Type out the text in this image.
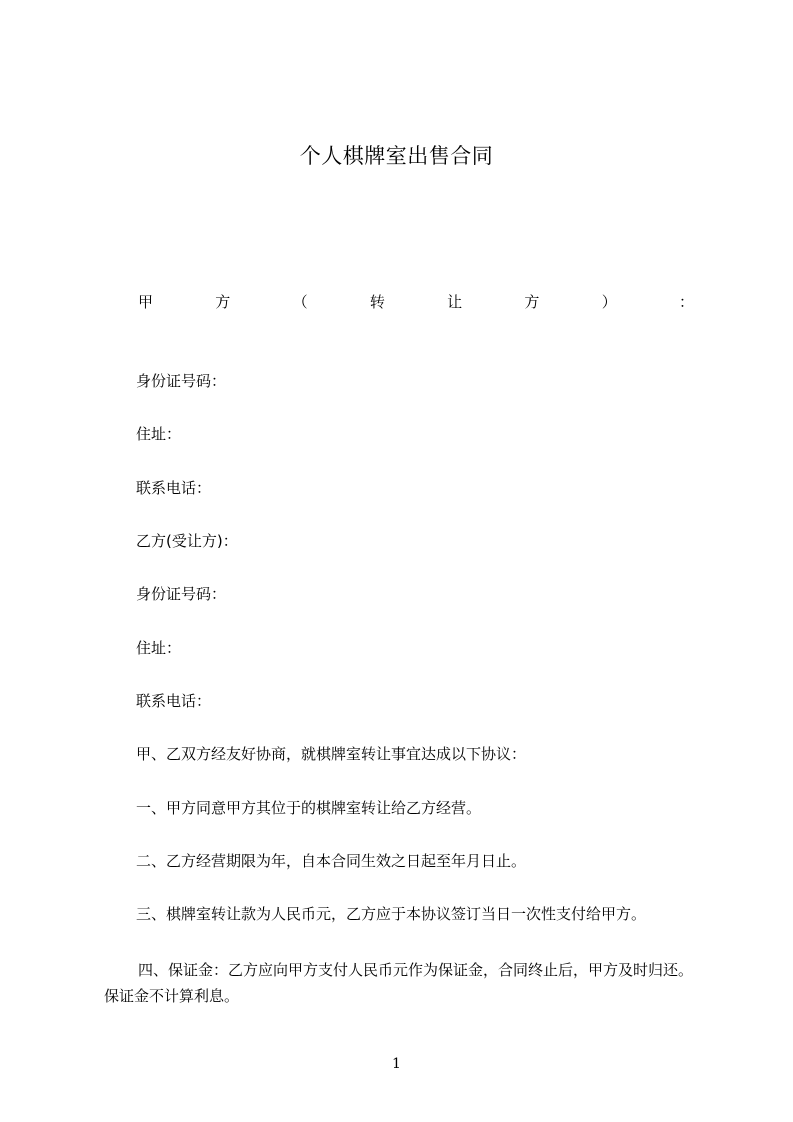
个人棋牌室出售合同
甲	方	（	转	让	方	）	：
身份证号码：
住址：
联系电话：
乙方(受让方)：
身份证号码：
住址：
联系电话：
甲、乙双方经友好协商，就棋牌室转让事宜达成以下协议：
一、甲方同意甲方其位于的棋牌室转让给乙方经营。
二、乙方经营期限为年，自本合同生效之日起至年月日止。
三、棋牌室转让款为人民币元，乙方应于本协议签订当日一次性支付给甲方。
四、保证金：乙方应向甲方支付人民币元作为保证金，合同终止后，甲方及时归还。保证金不计算利息。
1
